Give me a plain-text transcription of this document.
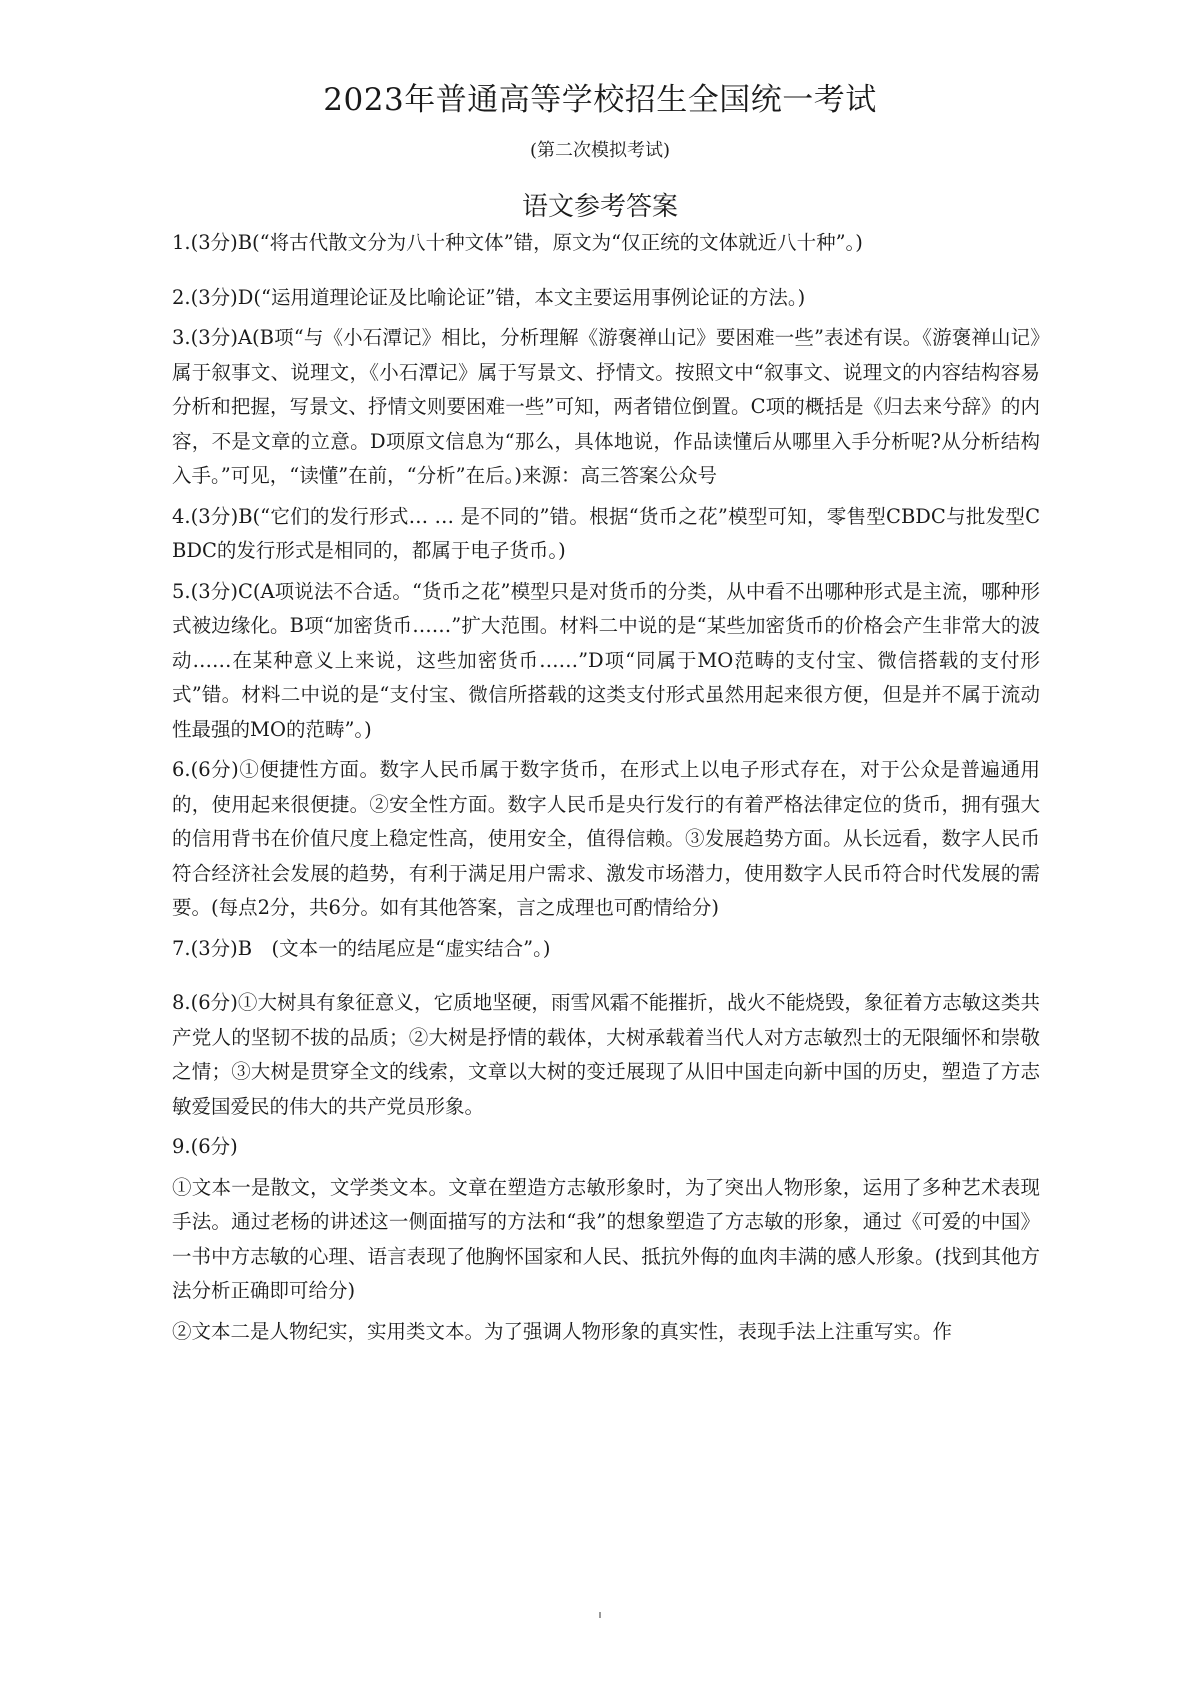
2023年普通高等学校招生全国统一考试
(第二次模拟考试)
语文参考答案

1.(3分)B(“将古代散文分为八十种文体”错，原文为“仅正统的文体就近八十种”。)

2.(3分)D(“运用道理论证及比喻论证”错，本文主要运用事例论证的方法。)

3.(3分)A(B项“与《小石潭记》相比，分析理解《游褒禅山记》要困难一些”表述有误。《游褒禅山记》属于叙事文、说理文，《小石潭记》属于写景文、抒情文。按照文中“叙事文、说理文的内容结构容易分析和把握，写景文、抒情文则要困难一些”可知，两者错位倒置。C项的概括是《归去来兮辞》的内容，不是文章的立意。D项原文信息为“那么，具体地说，作品读懂后从哪里入手分析呢?从分析结构入手。”可见，“读懂”在前，“分析”在后。)来源：高三答案公众号

4.(3分)B(“它们的发行形式… … 是不同的”错。根据“货币之花”模型可知，零售型CBDC与批发型CBDC的发行形式是相同的，都属于电子货币。)

5.(3分)C(A项说法不合适。“货币之花”模型只是对货币的分类，从中看不出哪种形式是主流，哪种形式被边缘化。B项“加密货币……”扩大范围。材料二中说的是“某些加密货币的价格会产生非常大的波动……在某种意义上来说，这些加密货币……”D项“同属于MO范畴的支付宝、微信搭载的支付形式”错。材料二中说的是“支付宝、微信所搭载的这类支付形式虽然用起来很方便，但是并不属于流动性最强的MO的范畴”。)

6.(6分)①便捷性方面。数字人民币属于数字货币，在形式上以电子形式存在，对于公众是普遍通用的，使用起来很便捷。②安全性方面。数字人民币是央行发行的有着严格法律定位的货币，拥有强大的信用背书在价值尺度上稳定性高，使用安全，值得信赖。③发展趋势方面。从长远看，数字人民币符合经济社会发展的趋势，有利于满足用户需求、激发市场潜力，使用数字人民币符合时代发展的需要。(每点2分，共6分。如有其他答案，言之成理也可酌情给分)

7.(3分)B　(文本一的结尾应是“虚实结合”。)

8.(6分)①大树具有象征意义，它质地坚硬，雨雪风霜不能摧折，战火不能烧毁，象征着方志敏这类共产党人的坚韧不拔的品质；②大树是抒情的载体，大树承载着当代人对方志敏烈士的无限缅怀和崇敬之情；③大树是贯穿全文的线索，文章以大树的变迁展现了从旧中国走向新中国的历史，塑造了方志敏爱国爱民的伟大的共产党员形象。

9.(6分)

①文本一是散文，文学类文本。文章在塑造方志敏形象时，为了突出人物形象，运用了多种艺术表现手法。通过老杨的讲述这一侧面描写的方法和“我”的想象塑造了方志敏的形象，通过《可爱的中国》一书中方志敏的心理、语言表现了他胸怀国家和人民、抵抗外侮的血肉丰满的感人形象。(找到其他方法分析正确即可给分)

②文本二是人物纪实，实用类文本。为了强调人物形象的真实性，表现手法上注重写实。作
